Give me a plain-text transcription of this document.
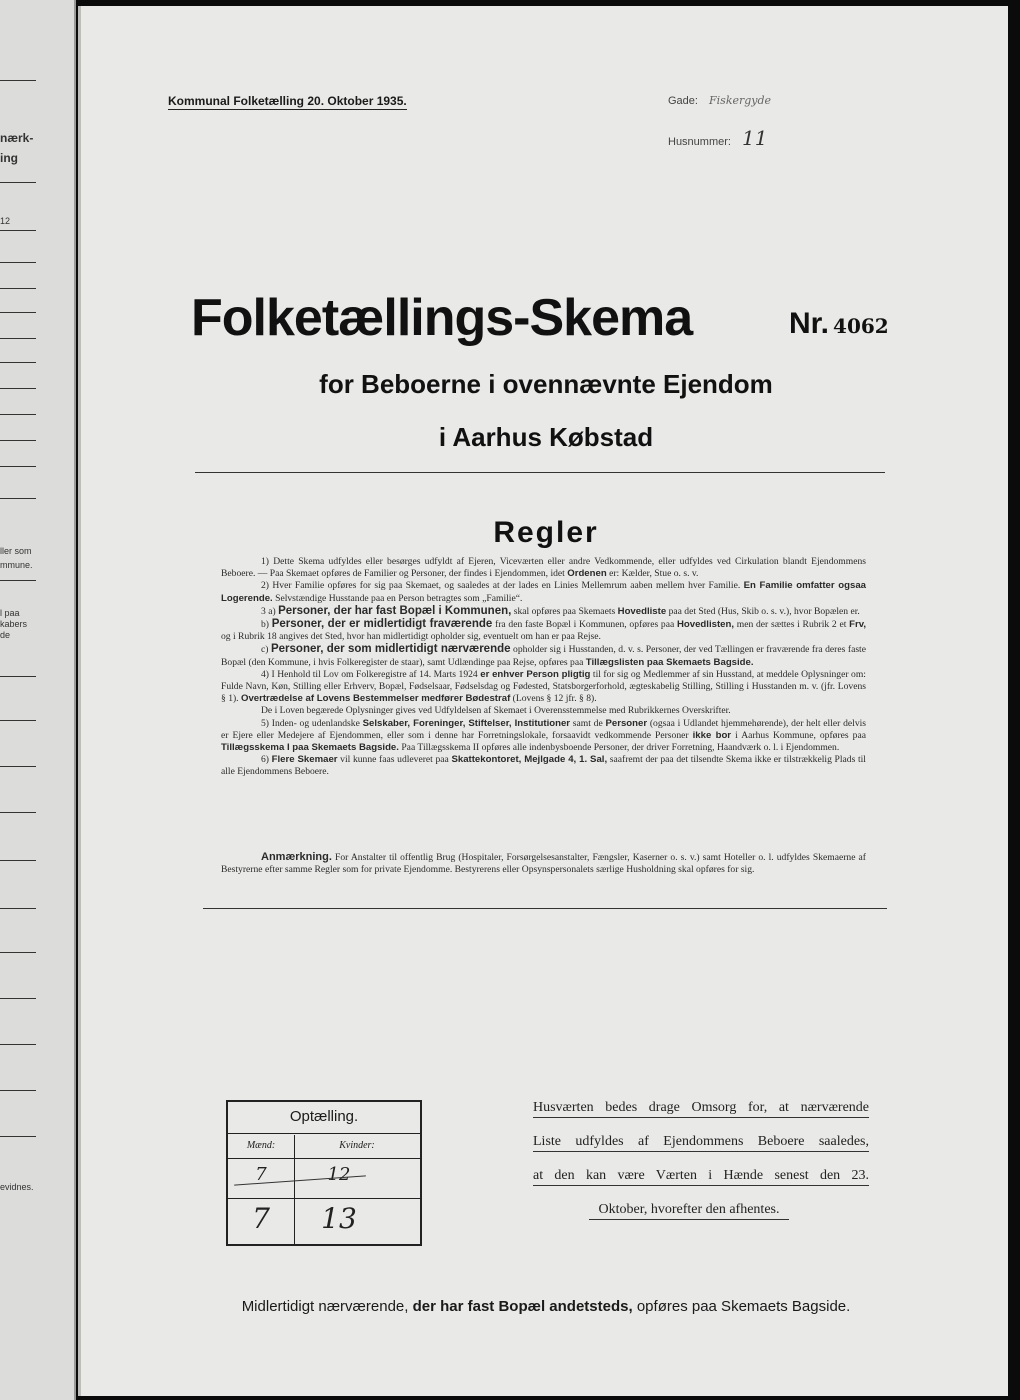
nærk-
ing
12
ller som
mmune.
l paa
kabers
de
evidnes.
Kommunal Folketælling 20. Oktober 1935.	Gade: Fiskergyde
Husnummer: 11
Folketællings-Skema	Nr. 4062
for Beboerne i ovennævnte Ejendom
i Aarhus Købstad
Regler

1) Dette Skema udfyldes eller besørges udfyldt af Ejeren, Viceværten eller andre Vedkommende, eller udfyldes ved Cirkulation blandt Ejendommens Beboere. — Paa Skemaet opføres de Familier og Personer, der findes i Ejendommen, idet Ordenen er: Kælder, Stue o. s. v.

2) Hver Familie opføres for sig paa Skemaet, og saaledes at der lades en Linies Mellemrum aaben mellem hver Familie. En Familie omfatter ogsaa Logerende. Selvstændige Husstande paa en Person betragtes som „Familie“.

3 a) Personer, der har fast Bopæl i Kommunen, skal opføres paa Skemaets Hovedliste paa det Sted (Hus, Skib o. s. v.), hvor Bopælen er.

b) Personer, der er midlertidigt fraværende fra den faste Bopæl i Kommunen, opføres paa Hovedlisten, men der sættes i Rubrik 2 et Frv, og i Rubrik 18 angives det Sted, hvor han midlertidigt opholder sig, eventuelt om han er paa Rejse.

c) Personer, der som midlertidigt nærværende opholder sig i Husstanden, d. v. s. Personer, der ved Tællingen er fraværende fra deres faste Bopæl (den Kommune, i hvis Folkeregister de staar), samt Udlændinge paa Rejse, opføres paa Tillægslisten paa Skemaets Bagside.

4) I Henhold til Lov om Folkeregistre af 14. Marts 1924 er enhver Person pligtig til for sig og Medlemmer af sin Husstand, at meddele Oplysninger om: Fulde Navn, Køn, Stilling eller Erhverv, Bopæl, Fødselsaar, Fødselsdag og Fødested, Statsborgerforhold, ægteskabelig Stilling, Stilling i Husstanden m. v. (jfr. Lovens § 1). Overtrædelse af Lovens Bestemmelser medfører Bødestraf (Lovens § 12 jfr. § 8).

De i Loven begærede Oplysninger gives ved Udfyldelsen af Skemaet i Overensstemmelse med Rubrikkernes Overskrifter.

5) Inden- og udenlandske Selskaber, Foreninger, Stiftelser, Institutioner samt de Personer (ogsaa i Udlandet hjemmehørende), der helt eller delvis er Ejere eller Medejere af Ejendommen, eller som i denne har Forretningslokale, forsaavidt vedkommende Personer ikke bor i Aarhus Kommune, opføres paa Tillægsskema I paa Skemaets Bagside. Paa Tillægsskema II opføres alle indenbysboende Personer, der driver Forretning, Haandværk o. l. i Ejendommen.

6) Flere Skemaer vil kunne faas udleveret paa Skattekontoret, Mejlgade 4, 1. Sal, saafremt der paa det tilsendte Skema ikke er tilstrækkelig Plads til alle Ejendommens Beboere.

Anmærkning. For Anstalter til offentlig Brug (Hospitaler, Forsørgelsesanstalter, Fængsler, Kaserner o. s. v.) samt Hoteller o. l. udfyldes Skemaerne af Bestyrerne efter samme Regler som for private Ejendomme. Bestyrerens eller Opsynspersonalets særlige Husholdning skal opføres for sig.

Optælling.
Mænd:	Kvinder:
7	12
7	13
Husværten bedes drage Omsorg for, at nærværende
Liste udfyldes af Ejendommens Beboere saaledes,
at den kan være Værten i Hænde senest den 23.
Oktober, hvorefter den afhentes.
Midlertidigt nærværende, der har fast Bopæl andetsteds, opføres paa Skemaets Bagside.
